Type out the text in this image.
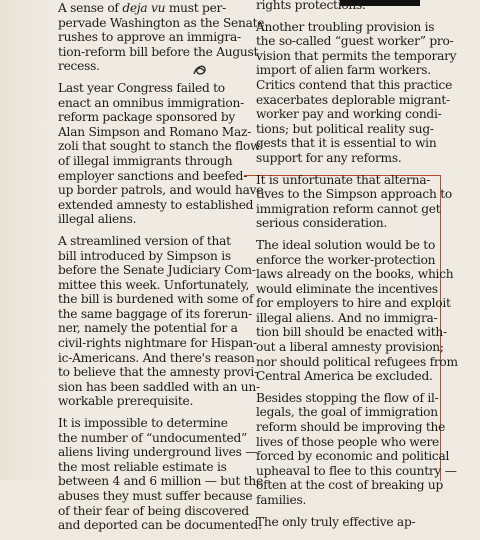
A sense of deja vu must per-
pervade Washington as the Senate
rushes to approve an immigra-
tion-reform bill before the August
recess.

Last year Congress failed to
enact an omnibus immigration-
reform package sponsored by
Alan Simpson and Romano Maz-
zoli that sought to stanch the flow
of illegal immigrants through
employer sanctions and beefed-
up border patrols, and would have
extended amnesty to established
illegal aliens.

A streamlined version of that
bill introduced by Simpson is
before the Senate Judiciary Com-
mittee this week. Unfortunately,
the bill is burdened with some of
the same baggage of its forerun-
ner, namely the potential for a
civil-rights nightmare for Hispan-
ic-Americans. And there's reason
to believe that the amnesty provi-
sion has been saddled with an un-
workable prerequisite.

It is impossible to determine
the number of “undocumented”
aliens living underground lives —
the most reliable estimate is
between 4 and 6 million — but the
abuses they must suffer because
of their fear of being discovered
and deported can be documented.

rights protections.

Another troubling provision is
the so-called “guest worker” pro-
vision that permits the temporary
import of alien farm workers.
Critics contend that this practice
exacerbates deplorable migrant-
worker pay and working condi-
tions; but political reality sug-
gests that it is essential to win
support for any reforms.

It is unfortunate that alterna-
tives to the Simpson approach to
immigration reform cannot get
serious consideration.

The ideal solution would be to
enforce the worker-protection
laws already on the books, which
would eliminate the incentives
for employers to hire and exploit
illegal aliens. And no immigra-
tion bill should be enacted with-
out a liberal amnesty provision;
nor should political refugees from
Central America be excluded.

Besides stopping the flow of il-
legals, the goal of immigration
reform should be improving the
lives of those people who were
forced by economic and political
upheaval to flee to this country —
often at the cost of breaking up
families.

The only truly effective ap-
